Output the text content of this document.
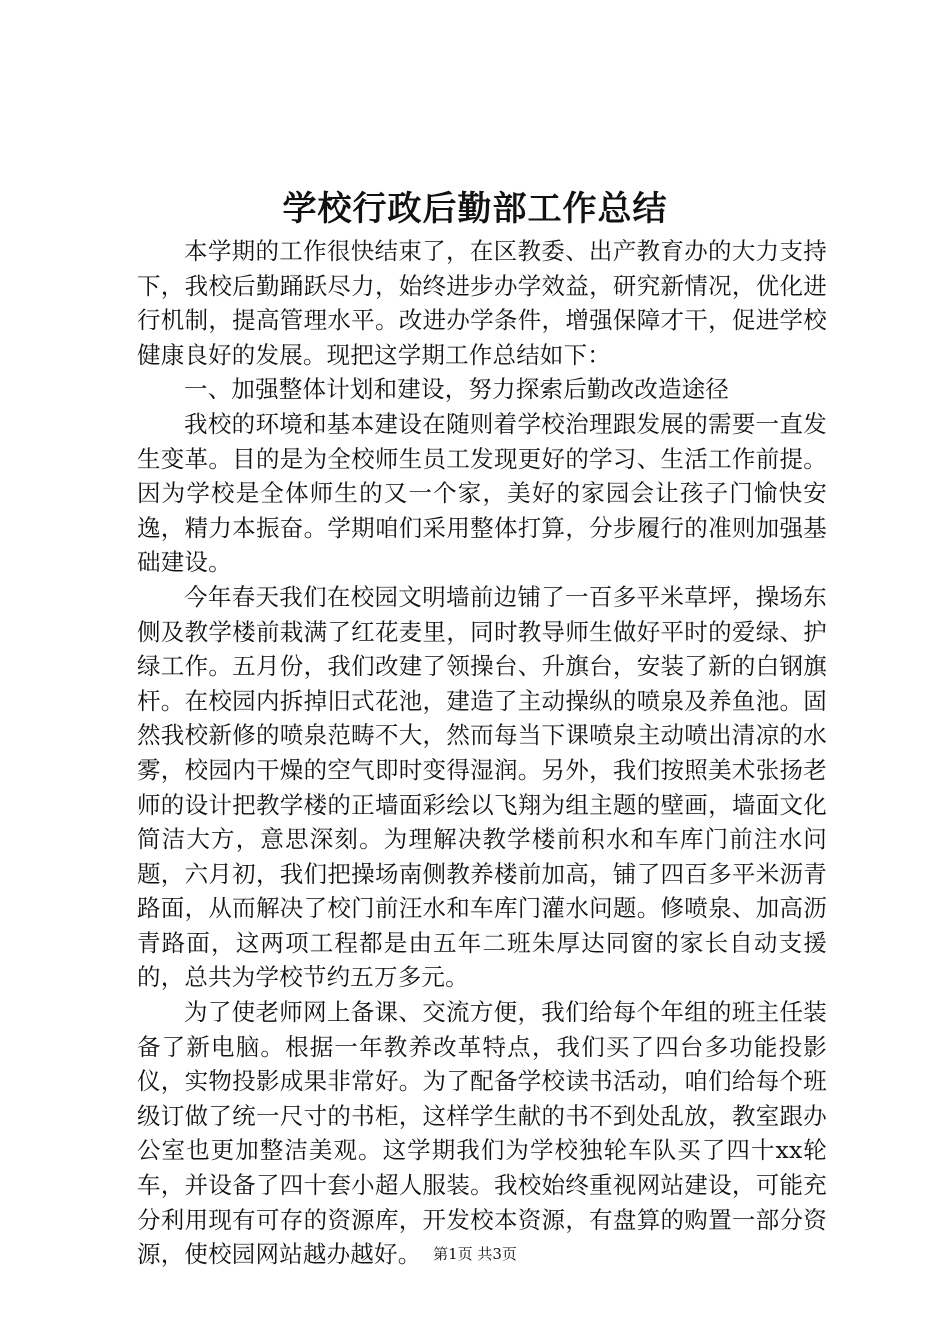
学校行政后勤部工作总结

本学期的工作很快结束了，在区教委、出产教育办的大力支持下，我校后勤踊跃尽力，始终进步办学效益，研究新情况，优化进行机制，提高管理水平。改进办学条件，增强保障才干，促进学校健康良好的发展。现把这学期工作总结如下：

一、加强整体计划和建设，努力探索后勤改改造途径

我校的环境和基本建设在随则着学校治理跟发展的需要一直发生变革。目的是为全校师生员工发现更好的学习、生活工作前提。因为学校是全体师生的又一个家，美好的家园会让孩子门愉快安逸，精力本振奋。学期咱们采用整体打算，分步履行的准则加强基础建设。

今年春天我们在校园文明墙前边铺了一百多平米草坪，操场东侧及教学楼前栽满了红花麦里，同时教导师生做好平时的爱绿、护绿工作。五月份，我们改建了领操台、升旗台，安装了新的白钢旗杆。在校园内拆掉旧式花池，建造了主动操纵的喷泉及养鱼池。固然我校新修的喷泉范畴不大，然而每当下课喷泉主动喷出清凉的水雾，校园内干燥的空气即时变得湿润。另外，我们按照美术张扬老师的设计把教学楼的正墙面彩绘以飞翔为组主题的壁画，墙面文化简洁大方，意思深刻。为理解决教学楼前积水和车库门前注水问题，六月初，我们把操场南侧教养楼前加高，铺了四百多平米沥青路面，从而解决了校门前汪水和车库门灌水问题。修喷泉、加高沥青路面，这两项工程都是由五年二班朱厚达同窗的家长自动支援的，总共为学校节约五万多元。

为了使老师网上备课、交流方便，我们给每个年组的班主任装备了新电脑。根据一年教养改革特点，我们买了四台多功能投影仪，实物投影成果非常好。为了配备学校读书活动，咱们给每个班级订做了统一尺寸的书柜，这样学生献的书不到处乱放，教室跟办公室也更加整洁美观。这学期我们为学校独轮车队买了四十xx轮车，并设备了四十套小超人服装。我校始终重视网站建设，可能充分利用现有可存的资源库，开发校本资源，有盘算的购置一部分资源，使校园网站越办越好。 第1页 共3页
